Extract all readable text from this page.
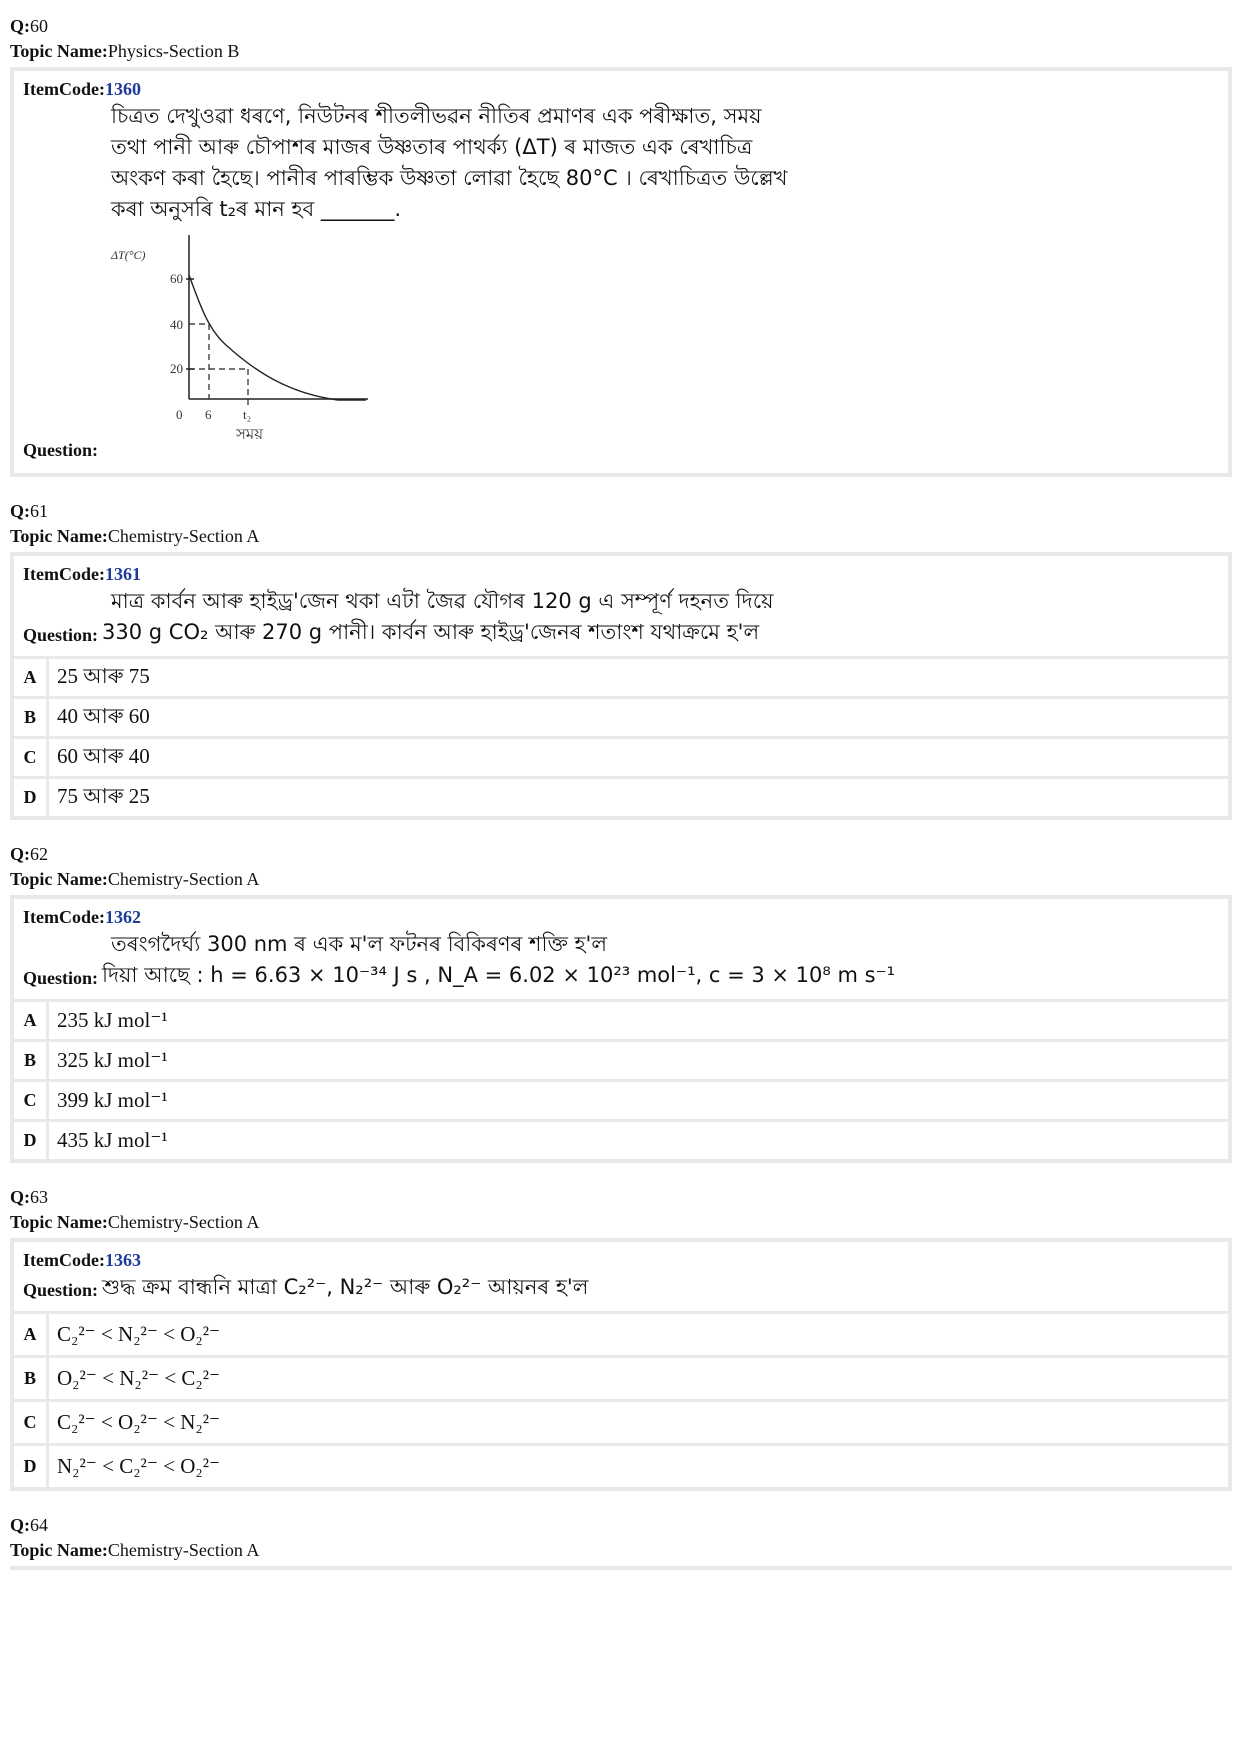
Q:60
Topic Name:Physics-Section B
ItemCode:1360
চিত্ৰত দেখুওৱা ধৰণে, নিউটনৰ শীতলীভৱন নীতিৰ প্ৰমাণৰ এক পৰীক্ষাত, সময়
তথা পানী আৰু চৌপাশৰ মাজৰ উষ্ণতাৰ পাথৰ্ক্য (ΔT) ৰ মাজত এক ৰেখাচিত্ৰ
অংকণ কৰা হৈছে। পানীৰ পাৰম্ভিক উষ্ণতা লোৱা হৈছে 80°C । ৰেখাচিত্ৰত উল্লেখ
কৰা অনুসৰি t₂ৰ মান হব _______.
ΔT(°C)
60
40
20
0 6 t₂
সময়
Question:
Q:61
Topic Name:Chemistry-Section A
ItemCode:1361
মাত্ৰ কাৰ্বন আৰু হাইড্ৰ'জেন থকা এটা জৈৱ যৌগৰ 120 g এ সম্পূৰ্ণ দহনত দিয়ে
Question: 330 g CO₂ আৰু 270 g পানী। কাৰ্বন আৰু হাইড্ৰ'জেনৰ শতাংশ যথাক্ৰমে হ'ল
A 25 আৰু 75
B	40 আৰু 60
C 60 আৰু 40
D 75 আৰু 25
Q:62
Topic Name:Chemistry-Section A
ItemCode:1362
তৰংগদৈৰ্ঘ্য 300 nm ৰ এক ম'ল ফটনৰ বিকিৰণৰ শক্তি হ'ল
Question: দিয়া আছে : h = 6.63 × 10⁻³⁴ J s , N_A = 6.02 × 10²³ mol⁻¹, c = 3 × 10⁸ m s⁻¹
A 235 kJ mol⁻¹
B	325 kJ mol⁻¹
C 399 kJ mol⁻¹
D 435 kJ mol⁻¹
Q:63
Topic Name:Chemistry-Section A
ItemCode:1363
Question: শুদ্ধ ক্ৰম বান্ধনি মাত্ৰা C₂²⁻, N₂²⁻ আৰু O₂²⁻ আয়নৰ হ'ল
A C₂²⁻ < N₂²⁻ < O₂²⁻
B	O₂²⁻ < N₂²⁻ < C₂²⁻
C C₂²⁻ < O₂²⁻ < N₂²⁻
D N₂²⁻ < C₂²⁻ < O₂²⁻
Q:64
Topic Name:Chemistry-Section A
